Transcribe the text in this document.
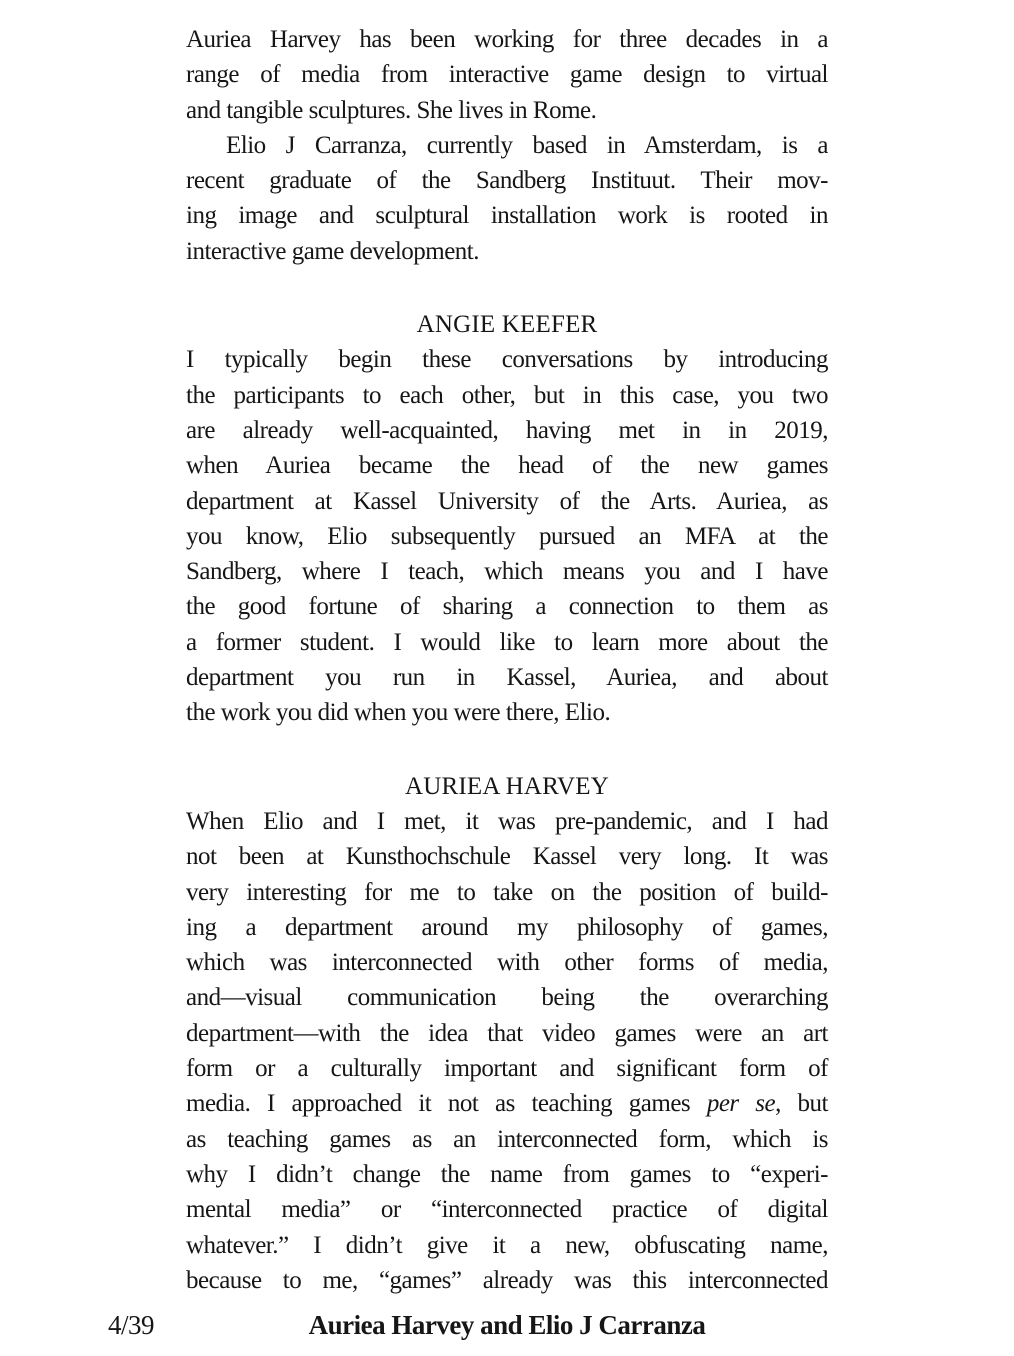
Auriea Harvey has been working for three decades in a
range of media from interactive game design to virtual
and tangible sculptures. She lives in Rome.
Elio J Carranza, currently based in Amsterdam, is a
recent graduate of the Sandberg Instituut. Their mov-
ing image and sculptural installation work is rooted in
interactive game development.
ANGIE KEEFER
I typically begin these conversations by introducing
the participants to each other, but in this case, you two
are already well-acquainted, having met in in 2019,
when Auriea became the head of the new games
department at Kassel University of the Arts. Auriea, as
you know, Elio subsequently pursued an MFA at the
Sandberg, where I teach, which means you and I have
the good fortune of sharing a connection to them as
a former student. I would like to learn more about the
department you run in Kassel, Auriea, and about
the work you did when you were there, Elio.
AURIEA HARVEY
When Elio and I met, it was pre-pandemic, and I had
not been at Kunsthochschule Kassel very long. It was
very interesting for me to take on the position of build-
ing a department around my philosophy of games,
which was interconnected with other forms of media,
and—visual communication being the overarching
department—with the idea that video games were an art
form or a culturally important and significant form of
media. I approached it not as teaching games per se, but
as teaching games as an interconnected form, which is
why I didn’t change the name from games to “experi-
mental media” or “interconnected practice of digital
whatever.” I didn’t give it a new, obfuscating name,
because to me, “games” already was this interconnected
4/39	Auriea Harvey and Elio J Carranza
